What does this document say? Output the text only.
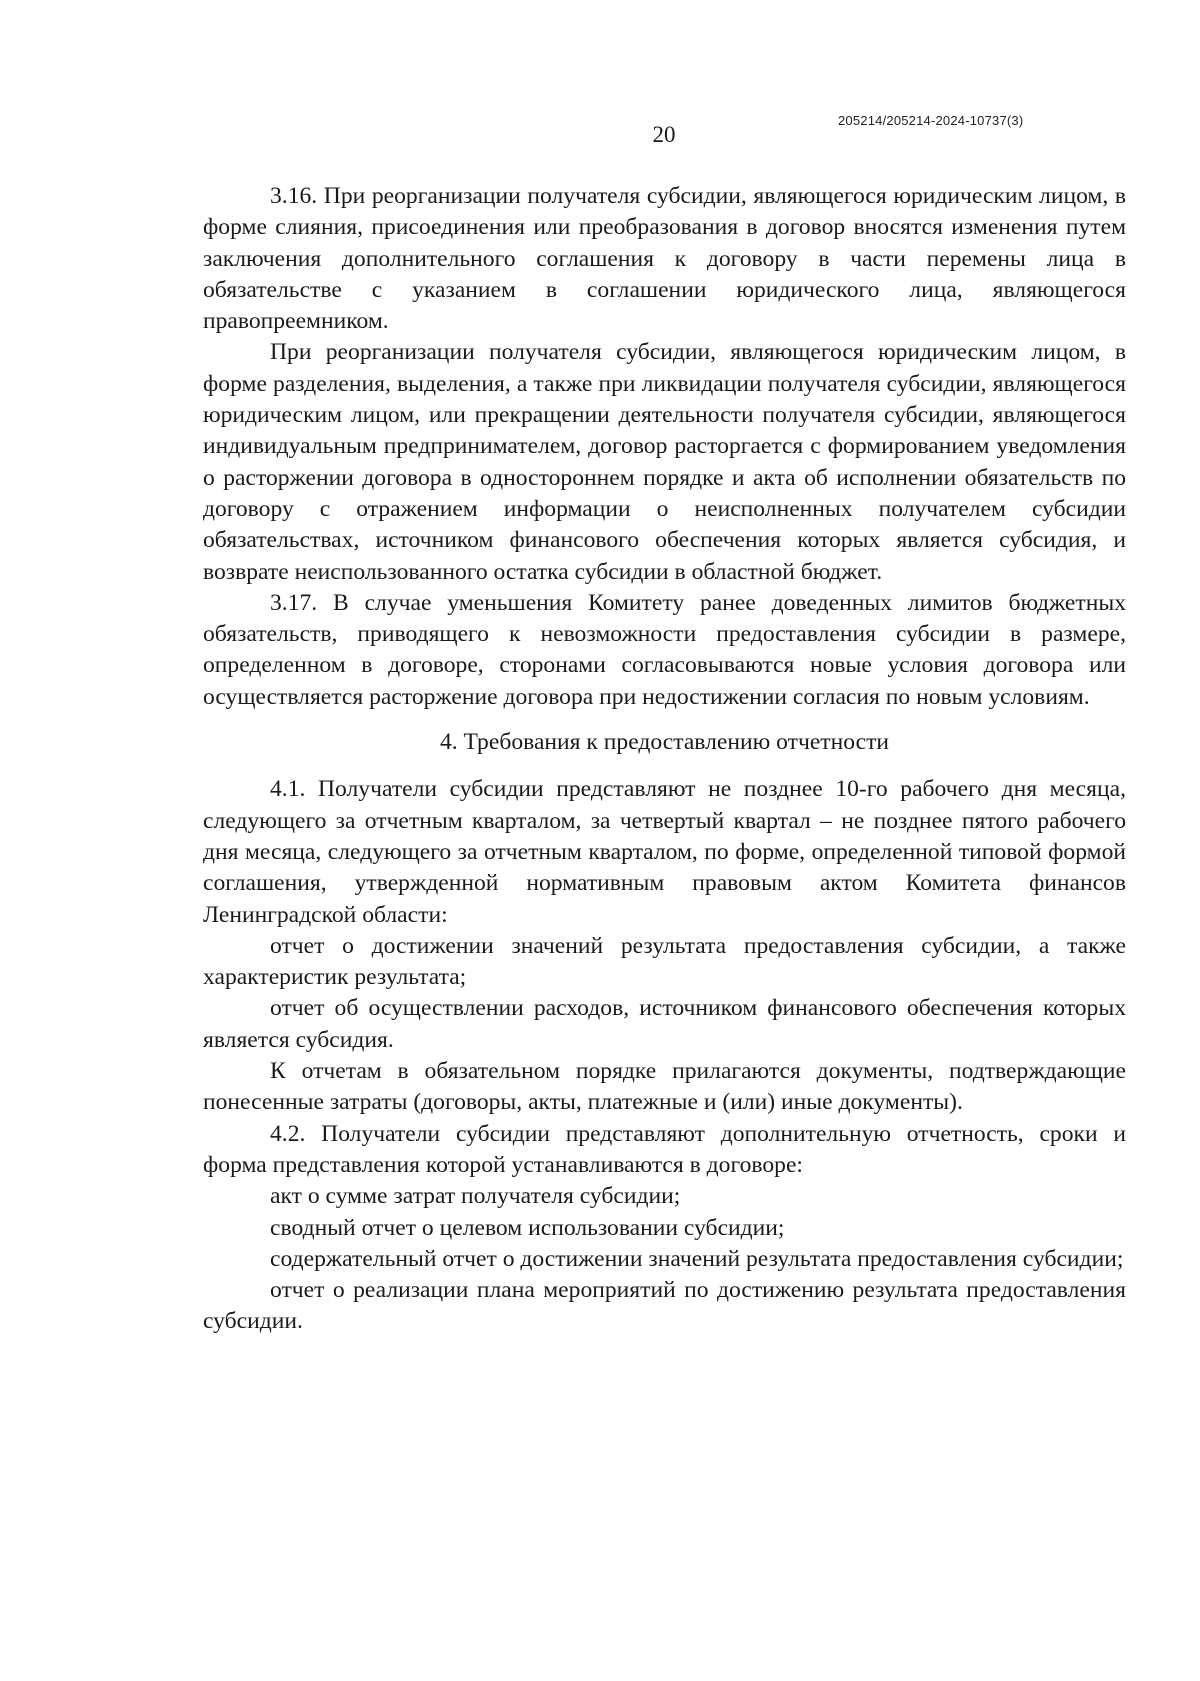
205214/205214-2024-10737(3)
20

3.16. При реорганизации получателя субсидии, являющегося юридическим лицом, в форме слияния, присоединения или преобразования в договор вносятся изменения путем заключения дополнительного соглашения к договору в части перемены лица в обязательстве с указанием в соглашении юридического лица, являющегося правопреемником.

При реорганизации получателя субсидии, являющегося юридическим лицом, в форме разделения, выделения, а также при ликвидации получателя субсидии, являющегося юридическим лицом, или прекращении деятельности получателя субсидии, являющегося индивидуальным предпринимателем, договор расторгается с формированием уведомления о расторжении договора в одностороннем порядке и акта об исполнении обязательств по договору с отражением информации о неисполненных получателем субсидии обязательствах, источником финансового обеспечения которых является субсидия, и возврате неиспользованного остатка субсидии в областной бюджет.

3.17. В случае уменьшения Комитету ранее доведенных лимитов бюджетных обязательств, приводящего к невозможности предоставления субсидии в размере, определенном в договоре, сторонами согласовываются новые условия договора или осуществляется расторжение договора при недостижении согласия по новым условиям.

4. Требования к предоставлению отчетности

4.1. Получатели субсидии представляют не позднее 10-го рабочего дня месяца, следующего за отчетным кварталом, за четвертый квартал – не позднее пятого рабочего дня месяца, следующего за отчетным кварталом, по форме, определенной типовой формой соглашения, утвержденной нормативным правовым актом Комитета финансов Ленинградской области:

отчет о достижении значений результата предоставления субсидии, а также характеристик результата;

отчет об осуществлении расходов, источником финансового обеспечения которых является субсидия.

К отчетам в обязательном порядке прилагаются документы, подтверждающие понесенные затраты (договоры, акты, платежные и (или) иные документы).

4.2. Получатели субсидии представляют дополнительную отчетность, сроки и форма представления которой устанавливаются в договоре:

акт о сумме затрат получателя субсидии;

сводный отчет о целевом использовании субсидии;

содержательный отчет о достижении значений результата предоставления субсидии;

отчет о реализации плана мероприятий по достижению результата предоставления субсидии.
